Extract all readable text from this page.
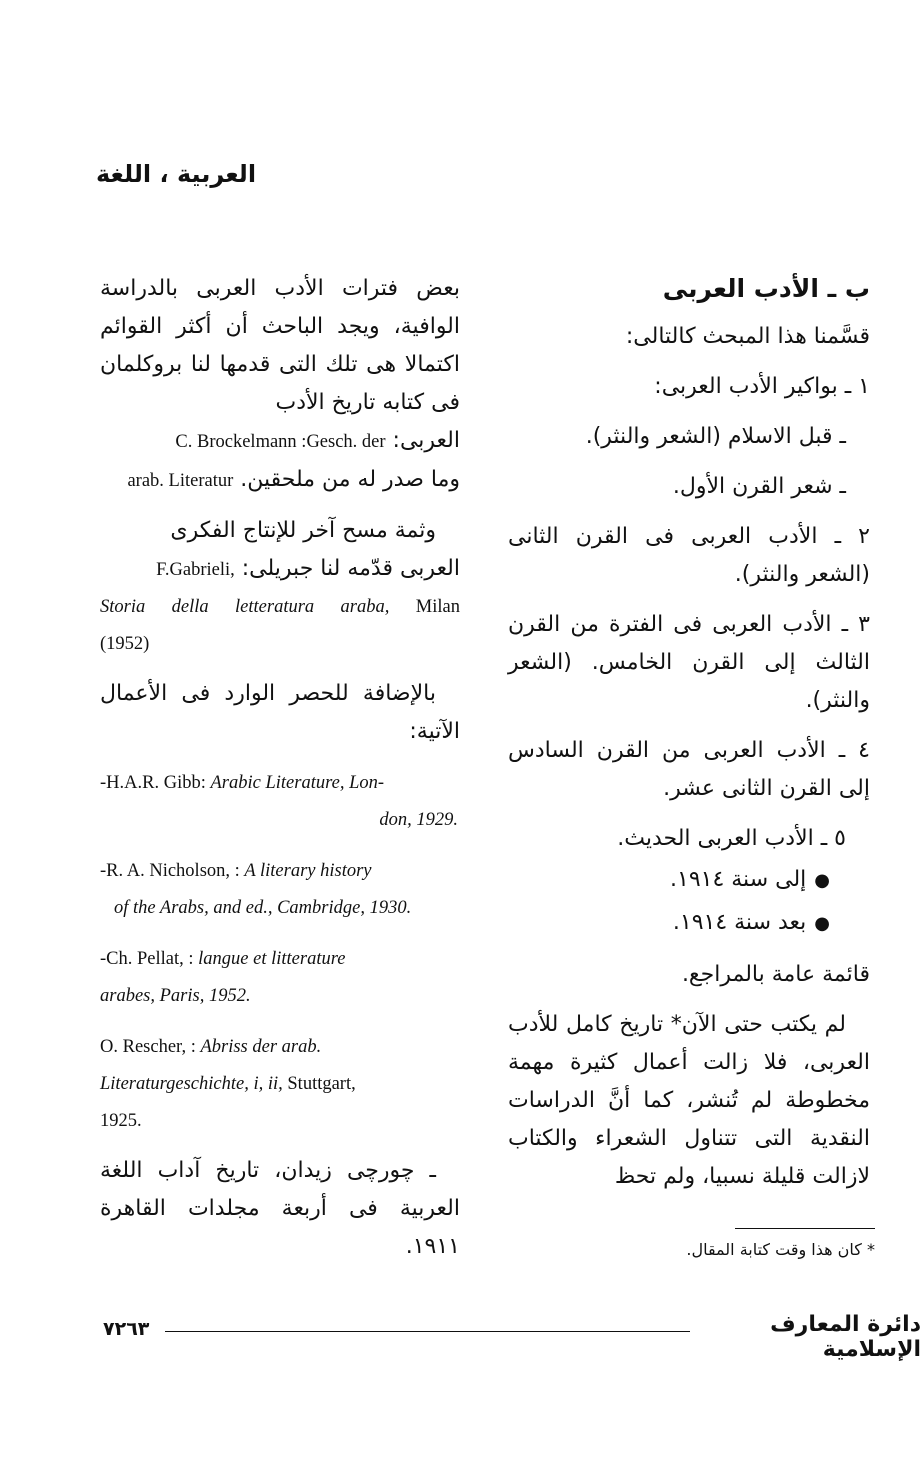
العربية ، اللغة

ب ـ الأدب العربى

قسَّمنا هذا المبحث كالتالى:

١ ـ بواكير الأدب العربى:

ـ قبل الاسلام (الشعر والنثر).

ـ شعر القرن الأول.

٢ ـ الأدب العربى فى القرن الثانى (الشعر والنثر).

٣ ـ الأدب العربى فى الفترة من القرن الثالث إلى القرن الخامس. (الشعر والنثر).

٤ ـ الأدب العربى من القرن السادس إلى القرن الثانى عشر.

٥ ـ الأدب العربى الحديث.

●إلى سنة ١٩١٤.

●بعد سنة ١٩١٤.

قائمة عامة بالمراجع.

لم يكتب حتى الآن* تاريخ كامل للأدب العربى، فلا زالت أعمال كثيرة مهمة مخطوطة لم تُنشر، كما أنَّ الدراسات النقدية التى تتناول الشعراء والكتاب لازالت قليلة نسبيا، ولم تحظ

بعض فترات الأدب العربى بالدراسة الوافية، ويجد الباحث أن أكثر القوائم اكتمالا هى تلك التى قدمها لنا بروكلمان فى كتابه تاريخ الأدب

العربى: C. Brockelmann :Gesch. der

وما صدر له من ملحقين. arab. Literatur

وثمة مسح آخر للإنتاج الفكرى

العربى قدّمه لنا جبريلى: F.Gabrieli,

Storia della letteratura araba, Milan

(1952)

بالإضافة للحصر الوارد فى الأعمال الآتية:

-H.A.R. Gibb: Arabic Literature, Lon-
don, 1929.
-R. A. Nicholson, : A literary history
of the Arabs, and ed., Cambridge, 1930.
-Ch. Pellat, : langue et litterature
arabes, Paris, 1952.
O. Rescher, : Abriss der arab.
Literaturgeschichte, i, ii, Stuttgart,
1925.

ـ چورچى زيدان، تاريخ آداب اللغة العربية فى أربعة مجلدات القاهرة ١٩١١.	* كان هذا وقت كتابة المقال.
٧٢٦٣	دائرة المعارف الإسلامية
